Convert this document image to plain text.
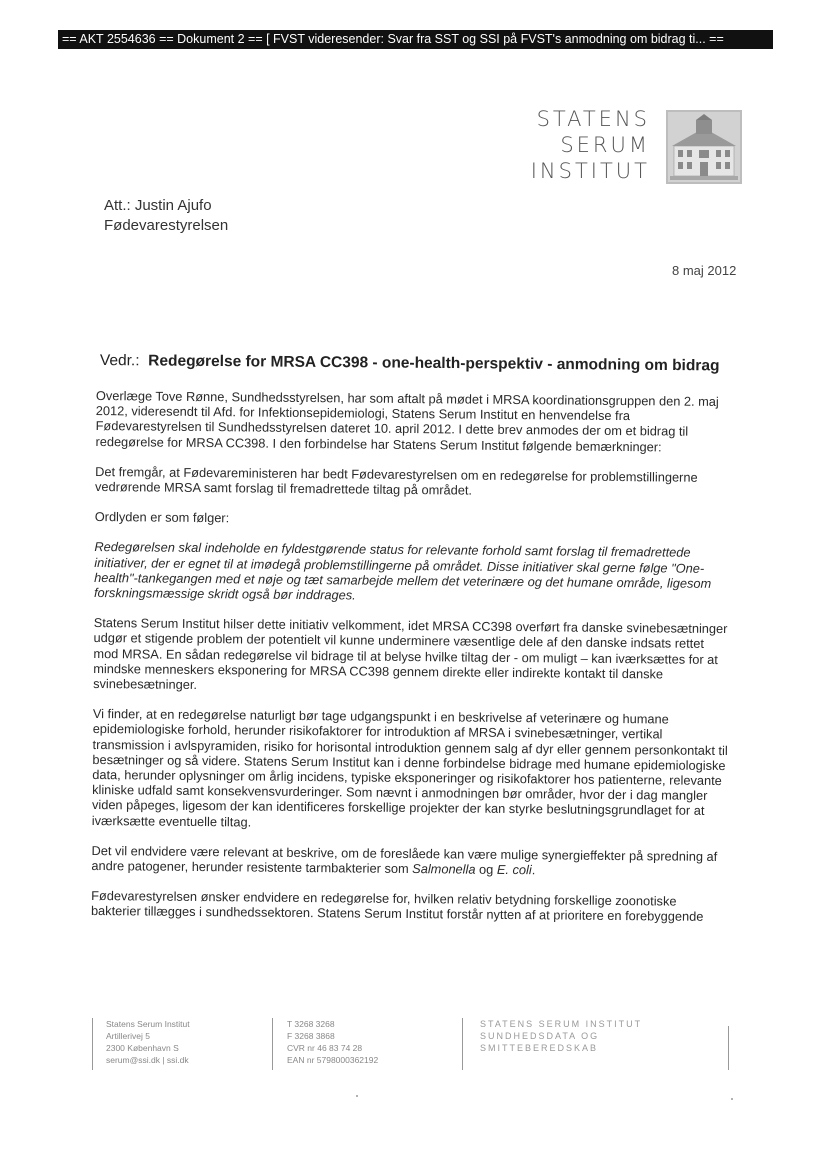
== AKT 2554636 == Dokument 2 == [ FVST videresender: Svar fra SST og SSI på FVST's anmodning om bidrag ti... ==
STATENS
SERUM
INSTITUT
Att.: Justin Ajufo
Fødevarestyrelsen
8 maj 2012
Vedr.: Redegørelse for MRSA CC398 - one-health-perspektiv - anmodning om bidrag

Overlæge Tove Rønne, Sundhedsstyrelsen, har som aftalt på mødet i MRSA koordinationsgruppen den 2. maj 2012, videresendt til Afd. for Infektionsepidemiologi, Statens Serum Institut en henvendelse fra Fødevarestyrelsen til Sundhedsstyrelsen dateret 10. april 2012. I dette brev anmodes der om et bidrag til redegørelse for MRSA CC398. I den forbindelse har Statens Serum Institut følgende bemærkninger:

Det fremgår, at Fødevareministeren har bedt Fødevarestyrelsen om en redegørelse for problemstillingerne vedrørende MRSA samt forslag til fremadrettede tiltag på området.

Ordlyden er som følger:

Redegørelsen skal indeholde en fyldestgørende status for relevante forhold samt forslag til fremadrettede initiativer, der er egnet til at imødegå problemstillingerne på området. Disse initiativer skal gerne følge "One-health"-tankegangen med et nøje og tæt samarbejde mellem det veterinære og det humane område, ligesom forskningsmæssige skridt også bør inddrages.

Statens Serum Institut hilser dette initiativ velkomment, idet MRSA CC398 overført fra danske svinebesætninger udgør et stigende problem der potentielt vil kunne underminere væsentlige dele af den danske indsats rettet mod MRSA. En sådan redegørelse vil bidrage til at belyse hvilke tiltag der - om muligt – kan iværksættes for at mindske menneskers eksponering for MRSA CC398 gennem direkte eller indirekte kontakt til danske svinebesætninger.

Vi finder, at en redegørelse naturligt bør tage udgangspunkt i en beskrivelse af veterinære og humane epidemiologiske forhold, herunder risikofaktorer for introduktion af MRSA i svinebesætninger, vertikal transmission i avlspyramiden, risiko for horisontal introduktion gennem salg af dyr eller gennem personkontakt til besætninger og så videre. Statens Serum Institut kan i denne forbindelse bidrage med humane epidemiologiske data, herunder oplysninger om årlig incidens, typiske eksponeringer og risikofaktorer hos patienterne, relevante kliniske udfald samt konsekvensvurderinger. Som nævnt i anmodningen bør områder, hvor der i dag mangler viden påpeges, ligesom der kan identificeres forskellige projekter der kan styrke beslutningsgrundlaget for at iværksætte eventuelle tiltag.

Det vil endvidere være relevant at beskrive, om de foreslåede kan være mulige synergieffekter på spredning af andre patogener, herunder resistente tarmbakterier som Salmonella og E. coli.

Fødevarestyrelsen ønsker endvidere en redegørelse for, hvilken relativ betydning forskellige zoonotiske bakterier tillægges i sundhedssektoren. Statens Serum Institut forstår nytten af at prioritere en forebyggende

Statens Serum Institut
Artillerivej 5
2300 København S
serum@ssi.dk | ssi.dk
T 3268 3268
F 3268 3868
CVR nr 46 83 74 28
EAN nr 5798000362192
STATENS SERUM INSTITUT
SUNDHEDSDATA OG
SMITTEBEREDSKAB
